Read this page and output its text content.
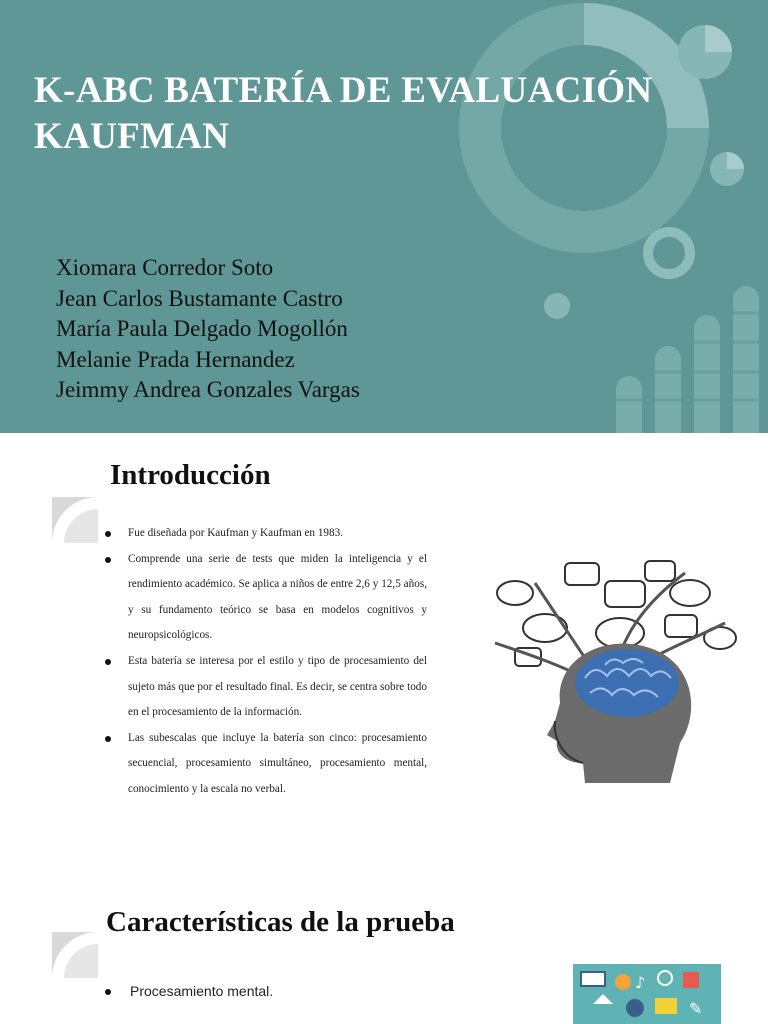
K-ABC BATERÍA DE EVALUACIÓN KAUFMAN
Xiomara Corredor Soto
Jean Carlos Bustamante Castro
María Paula Delgado Mogollón
Melanie Prada Hernandez
Jeimmy Andrea Gonzales Vargas
Introducción
Fue diseñada por Kaufman y Kaufman en 1983.
Comprende una serie de tests que miden la inteligencia y el rendimiento académico. Se aplica a niños de entre 2,6 y 12,5 años, y su fundamento teórico se basa en modelos cognitivos y neuropsicológicos.
Esta batería se interesa por el estilo y tipo de procesamiento del sujeto más que por el resultado final. Es decir, se centra sobre todo en el procesamiento de la información.
Las subescalas que incluye la batería son cinco: procesamiento secuencial, procesamiento simultáneo, procesamiento mental, conocimiento y la escala no verbal.
Características de la prueba
Procesamiento mental.	♪
✎
